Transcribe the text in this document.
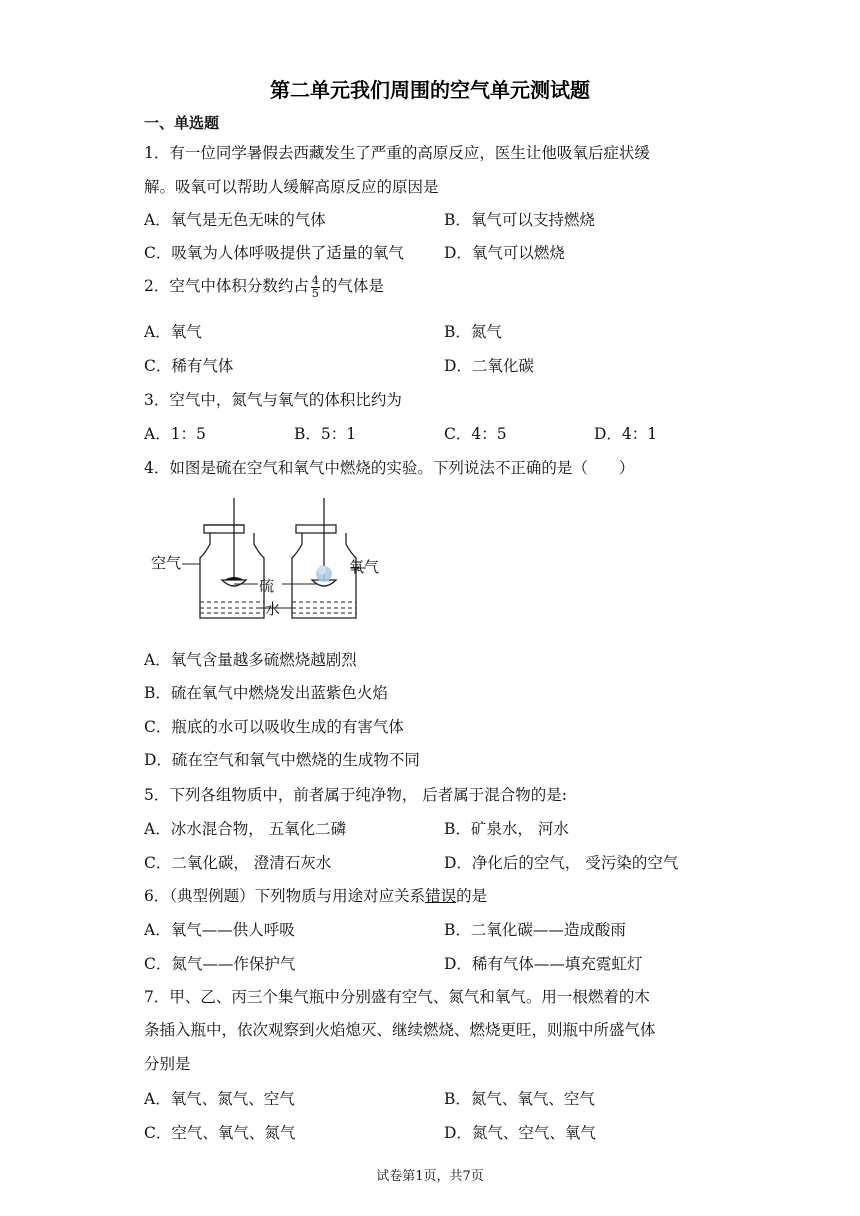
第二单元我们周围的空气单元测试题
一、单选题
1．有一位同学暑假去西藏发生了严重的高原反应，医生让他吸氧后症状缓
解。吸氧可以帮助人缓解高原反应的原因是
A．氧气是无色无味的气体	B．氧气可以支持燃烧
C．吸氧为人体呼吸提供了适量的氧气	D．氧气可以燃烧
2．空气中体积分数约占 $\frac{4}{5}$ 的气体是
A．氧气	B．氮气
C．稀有气体	D．二氧化碳
3．空气中，氮气与氧气的体积比约为
A．1：5	B．5：1	C．4：5	D．4：1
4．如图是硫在空气和氧气中燃烧的实验。下列说法不正确的是（　　）
空气
硫
水
氧气
A．氧气含量越多硫燃烧越剧烈
B．硫在氧气中燃烧发出蓝紫色火焰
C．瓶底的水可以吸收生成的有害气体
D．硫在空气和氧气中燃烧的生成物不同
5．下列各组物质中，前者属于纯净物， 后者属于混合物的是:
A．冰水混合物， 五氧化二磷	B．矿泉水， 河水
C．二氧化碳， 澄清石灰水	D．净化后的空气， 受污染的空气
6．（典型例题）下列物质与用途对应关系错误的是
A．氧气——供人呼吸	B．二氧化碳——造成酸雨
C．氮气——作保护气	D．稀有气体——填充霓虹灯
7．甲、乙、丙三个集气瓶中分别盛有空气、氮气和氧气。用一根燃着的木
条插入瓶中，依次观察到火焰熄灭、继续燃烧、燃烧更旺，则瓶中所盛气体
分别是
A．氧气、氮气、空气	B．氮气、氧气、空气
C．空气、氧气、氮气	D．氮气、空气、氧气
试卷第1页，共7页
